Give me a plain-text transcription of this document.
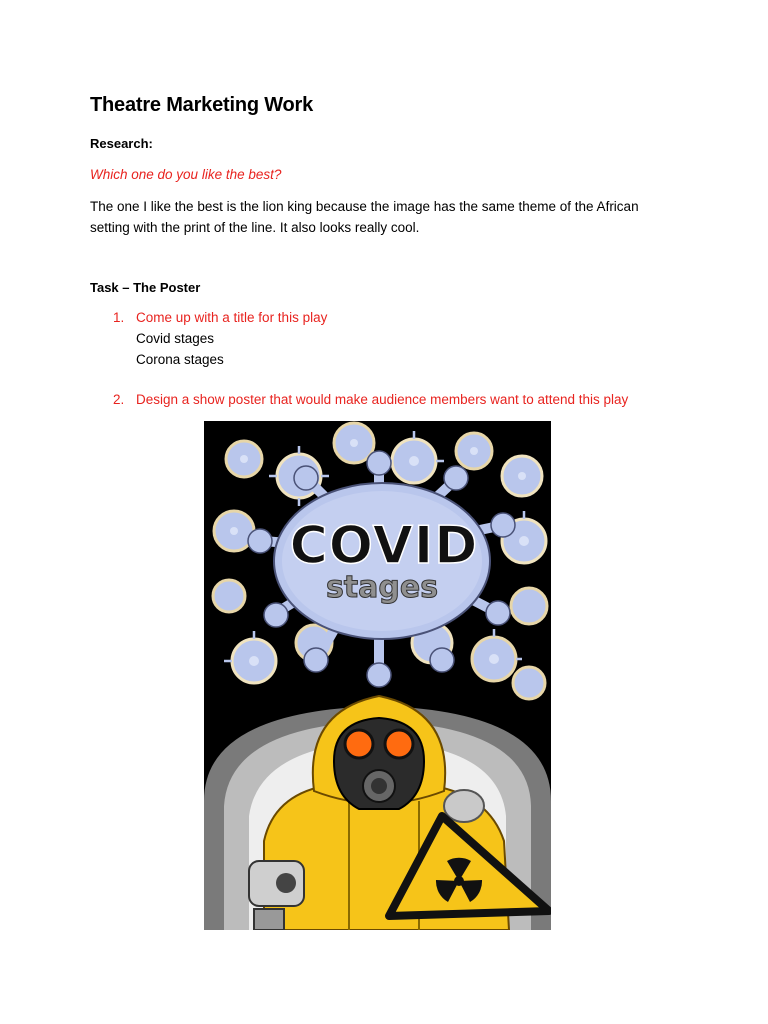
Theatre Marketing Work
Research:
Which one do you like the best?
The one I like the best is the lion king because the image has the same theme of the African setting with the print of the line. It also looks really cool.
Task – The Poster
1. Come up with a title for this play
Covid stages
Corona stages
2. Design a show poster that would make audience members want to attend this play
COVID
stages
